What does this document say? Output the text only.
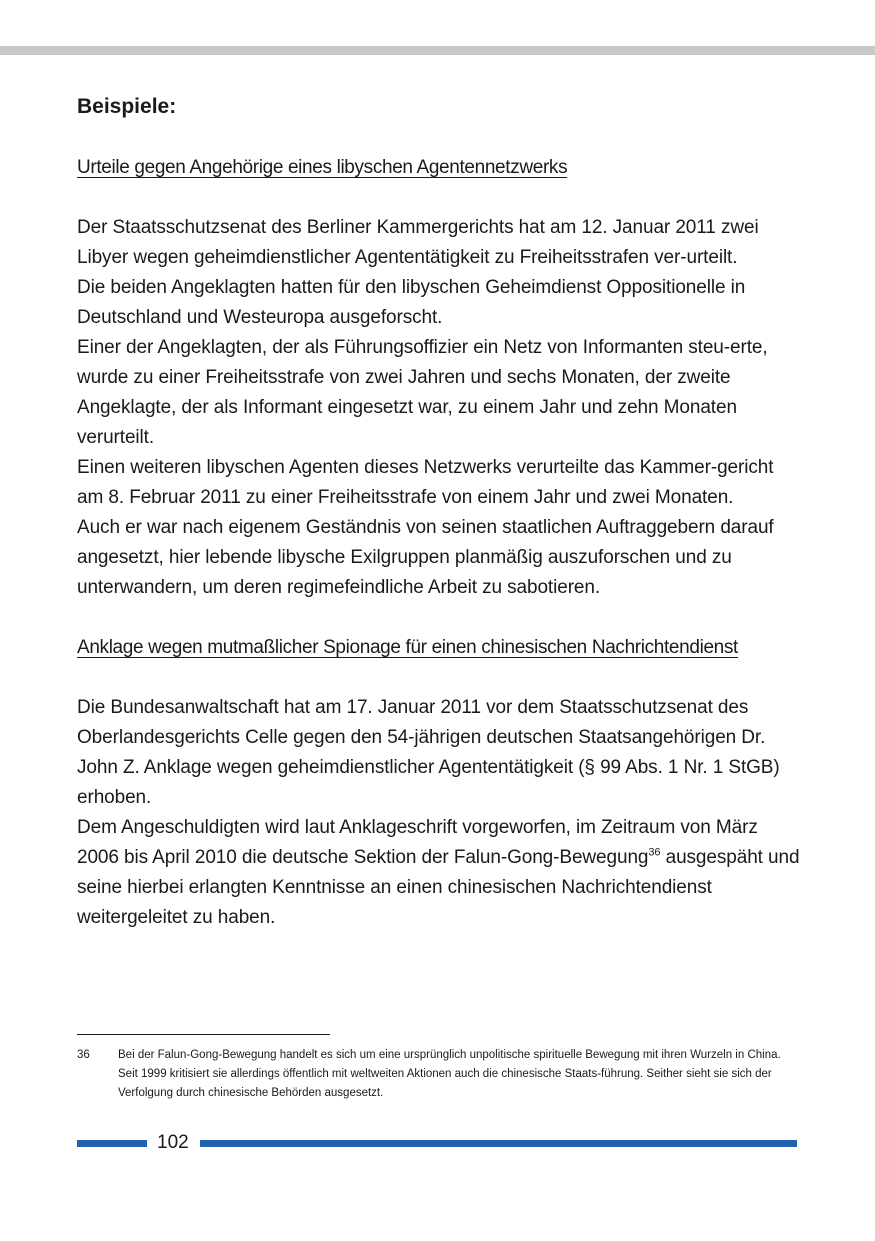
Beispiele:
Urteile gegen Angehörige eines libyschen Agentennetzwerks

Der Staatsschutzsenat des Berliner Kammergerichts hat am 12. Januar 2011 zwei Libyer wegen geheimdienstlicher Agententätigkeit zu Freiheitsstrafen ver-urteilt.

Die beiden Angeklagten hatten für den libyschen Geheimdienst Oppositionelle in Deutschland und Westeuropa ausgeforscht.

Einer der Angeklagten, der als Führungsoffizier ein Netz von Informanten steu-erte, wurde zu einer Freiheitsstrafe von zwei Jahren und sechs Monaten, der zweite Angeklagte, der als Informant eingesetzt war, zu einem Jahr und zehn Monaten verurteilt.

Einen weiteren libyschen Agenten dieses Netzwerks verurteilte das Kammer-gericht am 8. Februar 2011 zu einer Freiheitsstrafe von einem Jahr und zwei Monaten.

Auch er war nach eigenem Geständnis von seinen staatlichen Auftraggebern darauf angesetzt, hier lebende libysche Exilgruppen planmäßig auszuforschen und zu unterwandern, um deren regimefeindliche Arbeit zu sabotieren.

Anklage wegen mutmaßlicher Spionage für einen chinesischen Nachrichtendienst

Die Bundesanwaltschaft hat am 17. Januar 2011 vor dem Staatsschutzsenat des Oberlandesgerichts Celle gegen den 54-jährigen deutschen Staatsangehörigen Dr. John Z. Anklage wegen geheimdienstlicher Agententätigkeit (§ 99 Abs. 1 Nr. 1 StGB) erhoben.

Dem Angeschuldigten wird laut Anklageschrift vorgeworfen, im Zeitraum von März 2006 bis April 2010 die deutsche Sektion der Falun-Gong-Bewegung$^{36}$ ausgespäht und seine hierbei erlangten Kenntnisse an einen chinesischen Nachrichtendienst weitergeleitet zu haben.

36 Bei der Falun-Gong-Bewegung handelt es sich um eine ursprünglich unpolitische spirituelle Bewegung mit ihren Wurzeln in China. Seit 1999 kritisiert sie allerdings öffentlich mit weltweiten Aktionen auch die chinesische Staats-führung. Seither sieht sie sich der Verfolgung durch chinesische Behörden ausgesetzt.
102
